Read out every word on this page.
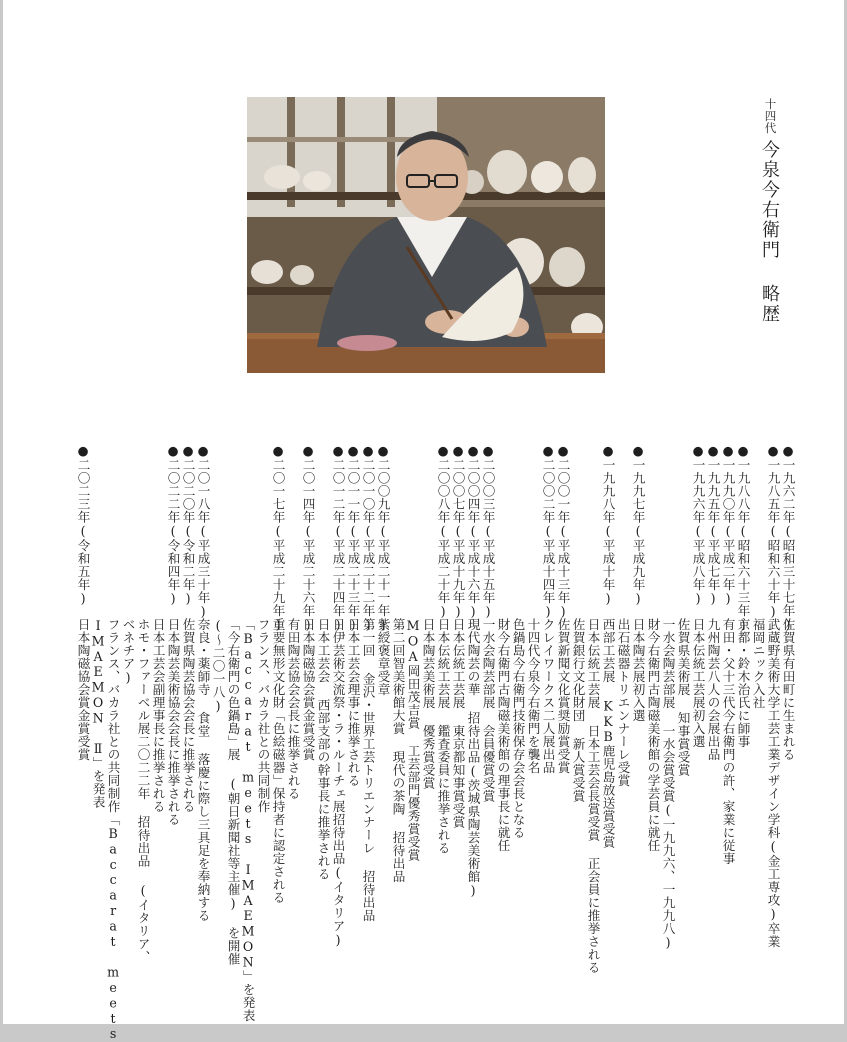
十四代
今泉今右衛門略歴
●一九六二年(昭和三十七年)
佐賀県有田町に生まれる
●一九八五年(昭和六十年)
武蔵野美術大学工芸工業デザイン学科(金工専攻)卒業
福岡ニック入社
●一九八八年(昭和六十三年)
京都・鈴木治氏に師事
●一九九〇年(平成二年)
有田・父十三代今右衛門の許、家業に従事
●一九九五年(平成七年)
九州陶芸八人の会展出品
●一九九六年(平成八年)
日本伝統工芸展初入選
佐賀県美術展 知事賞受賞
一水会陶芸部展 一水会賞受賞(一九九六、一九九八)
財今右衛門古陶磁美術館の学芸員に就任
●一九九七年(平成九年)
日本陶芸展初入選
出石磁器トリエンナーレ受賞
●一九九八年(平成十年)
西部工芸展 KKB鹿児島放送賞受賞
日本伝統工芸展 日本工芸会長賞受賞 正会員に推挙される
佐賀銀行文化財団 新人賞受賞
●二〇〇一年(平成十三年)
佐賀新聞文化賞奨励賞受賞
●二〇〇二年(平成十四年)
クレイワークス二人展出品
十四代今泉今右衛門を襲名
色鍋島今右衛門技術保存会会長となる
財今右衛門古陶磁美術館の理事長に就任
●二〇〇三年(平成十五年)
一水会陶芸部展 会員優賞受賞
●二〇〇四年(平成十六年)
現代陶芸の華 招待出品(茨城県陶芸美術館)
●二〇〇七年(平成十九年)
日本伝統工芸展 東京都知事賞受賞
●二〇〇八年(平成二十年)
日本伝統工芸展 鑑査委員に推挙される
日本陶芸美術展 優秀賞受賞
MOA岡田茂吉賞 工芸部門優秀賞受賞
第二回智美術館大賞 現代の茶陶 招待出品
●二〇〇九年(平成二十一年)
紫綬褒章受章
●二〇一〇年(平成二十二年)
第一回 金沢・世界工芸トリエンナーレ 招待出品
●二〇一一年(平成二十三年)
日本工芸会理事に推挙される
●二〇一二年(平成二十四年)
日伊芸術交流祭・ラ・ルーチェ展招待出品(イタリア)
日本工芸会 西部支部の幹事長に推挙される
●二〇一四年(平成二十六年)
日本陶磁協会賞金賞受賞
有田陶芸協会会長に推挙される
●二〇一七年(平成二十九年)
重要無形文化財「色絵磁器」保持者に認定される
フランス、バカラ社との共同制作
「Baccarat meets IMAEMON」を発表
「今右衛門の色鍋島」展 (朝日新聞社等主催) を開催
(〜二〇一八)
●二〇一八年(平成三十年)
奈良・薬師寺 食堂 落慶に際し三具足を奉納する
●二〇二〇年(令和二年)
佐賀県陶芸協会会長に推挙される
●二〇二二年(令和四年)
日本陶芸美術協会会長に推挙される
日本工芸会副理事長に推挙される
ホモ・ファーベル展二〇二二年 招待出品 (イタリア、
ベネチア)
フランス、バカラ社との共同制作「Baccarat meets
IMAEMON Ⅱ」を発表
●二〇二三年(令和五年)
日本陶磁協会賞金賞受賞
